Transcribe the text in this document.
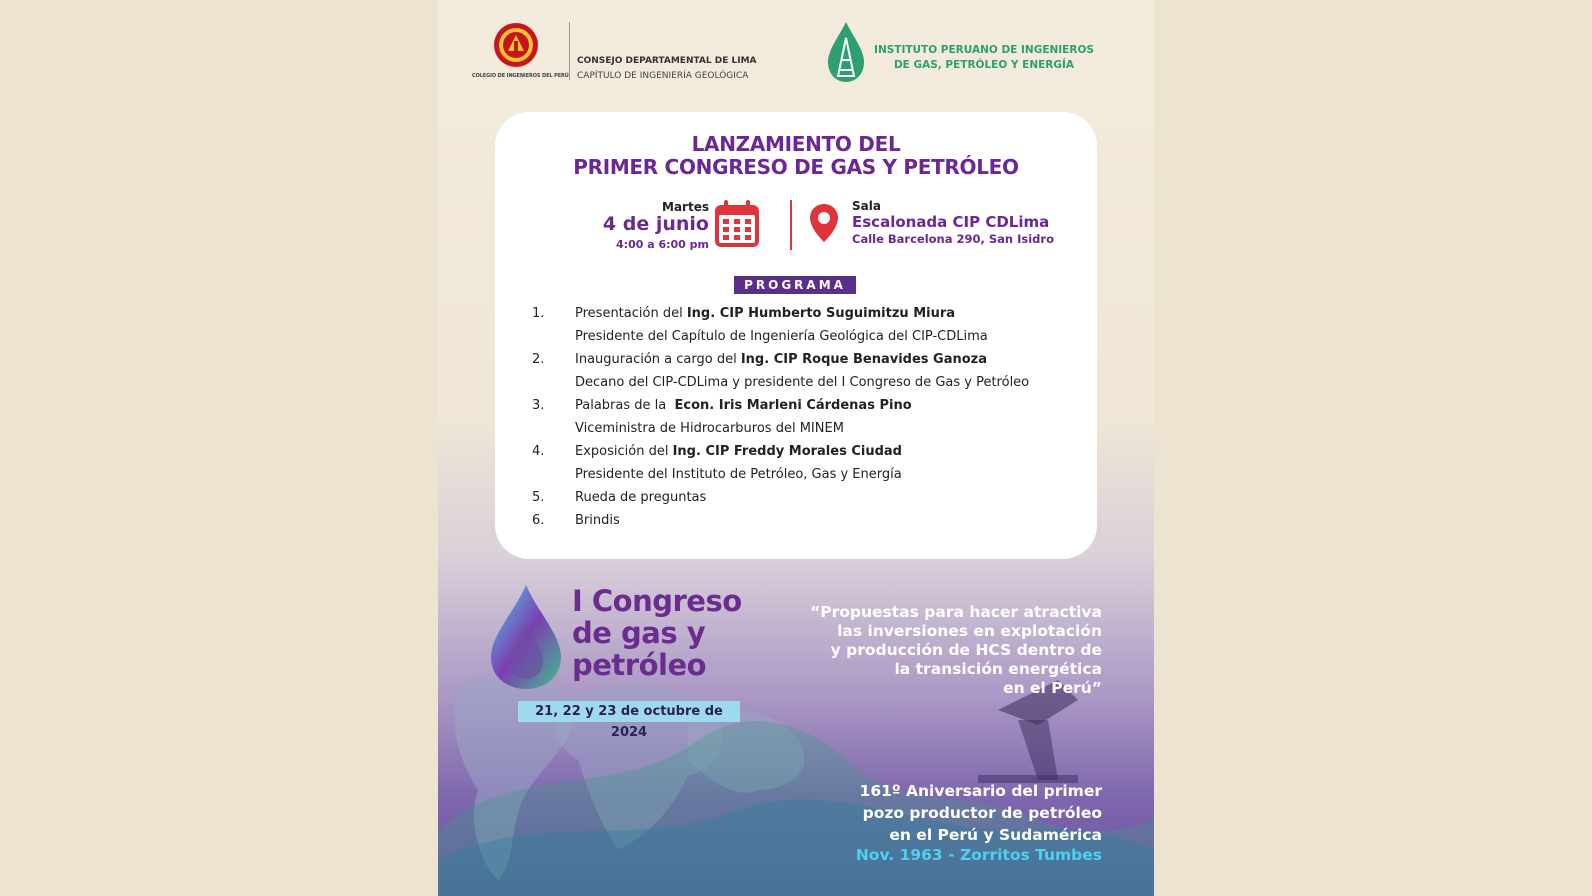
COLEGIO DE INGENIEROS DEL PERÚ
CONSEJO DEPARTAMENTAL DE LIMA
CAPÍTULO DE INGENIERÍA GEOLÓGICA
INSTITUTO PERUANO DE INGENIEROS
DE GAS, PETRÓLEO Y ENERGÍA
LANZAMIENTO DEL
PRIMER CONGRESO DE GAS Y PETRÓLEO
Martes
4 de junio
4:00 a 6:00 pm
Sala
Escalonada CIP CDLima
Calle Barcelona 290, San Isidro
PROGRAMA
1. Presentación del Ing. CIP Humberto Suguimitzu Miura
Presidente del Capítulo de Ingeniería Geológica del CIP-CDLima
2. Inauguración a cargo del Ing. CIP Roque Benavides Ganoza
Decano del CIP-CDLima y presidente del I Congreso de Gas y Petróleo
3. Palabras de la  Econ. Iris Marleni Cárdenas Pino
Viceministra de Hidrocarburos del MINEM
4. Exposición del Ing. CIP Freddy Morales Ciudad
Presidente del Instituto de Petróleo, Gas y Energía
5. Rueda de preguntas
6. Brindis
I Congreso
de gas y
petróleo
21, 22 y 23 de octubre de 2024
“Propuestas para hacer atractiva
las inversiones en explotación
y producción de HCS dentro de
la transición energética
en el Perú”
161º Aniversario del primer
pozo productor de petróleo
en el Perú y Sudamérica
Nov. 1963 - Zorritos Tumbes
